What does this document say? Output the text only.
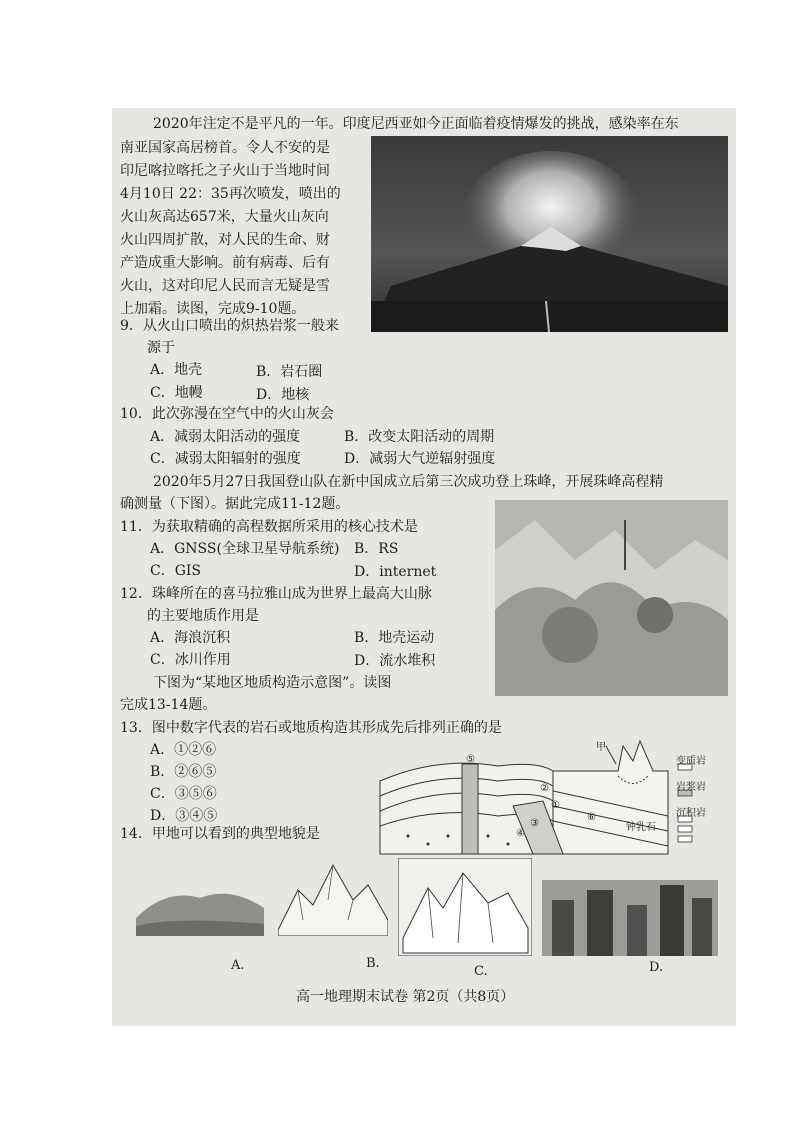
2020年注定不是平凡的一年。印度尼西亚如今正面临着疫情爆发的挑战，感染率在东
南亚国家高居榜首。令人不安的是
印尼喀拉喀托之子火山于当地时间
4月10日 22：35再次喷发，喷出的
火山灰高达657米，大量火山灰向
火山四周扩散，对人民的生命、财
产造成重大影响。前有病毒、后有
火山，这对印尼人民而言无疑是雪
上加霜。读图，完成9-10题。
9．从火山口喷出的炽热岩浆一般来
源于
A．地壳	B．岩石圈
C．地幔	D．地核
10．此次弥漫在空气中的火山灰会
A．减弱太阳活动的强度	B．改变太阳活动的周期
C．减弱太阳辐射的强度	D．减弱大气逆辐射强度
2020年5月27日我国登山队在新中国成立后第三次成功登上珠峰，开展珠峰高程精
确测量（下图）。据此完成11-12题。
11．为获取精确的高程数据所采用的核心技术是
A．GNSS(全球卫星导航系统) B．RS
C．GIS	D．internet
12．珠峰所在的喜马拉雅山成为世界上最高大山脉
的主要地质作用是
A．海浪沉积	B．地壳运动
C．冰川作用	D．流水堆积
下图为“某地区地质构造示意图”。读图
完成13-14题。
13．图中数字代表的岩石或地质构造其形成先后排列正确的是
A．①②⑥
B．②⑥⑤
C．③⑤⑥
D．③④⑤
甲
钟乳石
变质岩
岩浆岩
沉积岩
⑤
②
①
③
④
⑥
14．甲地可以看到的典型地貌是
A.	B.
C.	D.
高一地理期末试卷 第2页（共8页）
